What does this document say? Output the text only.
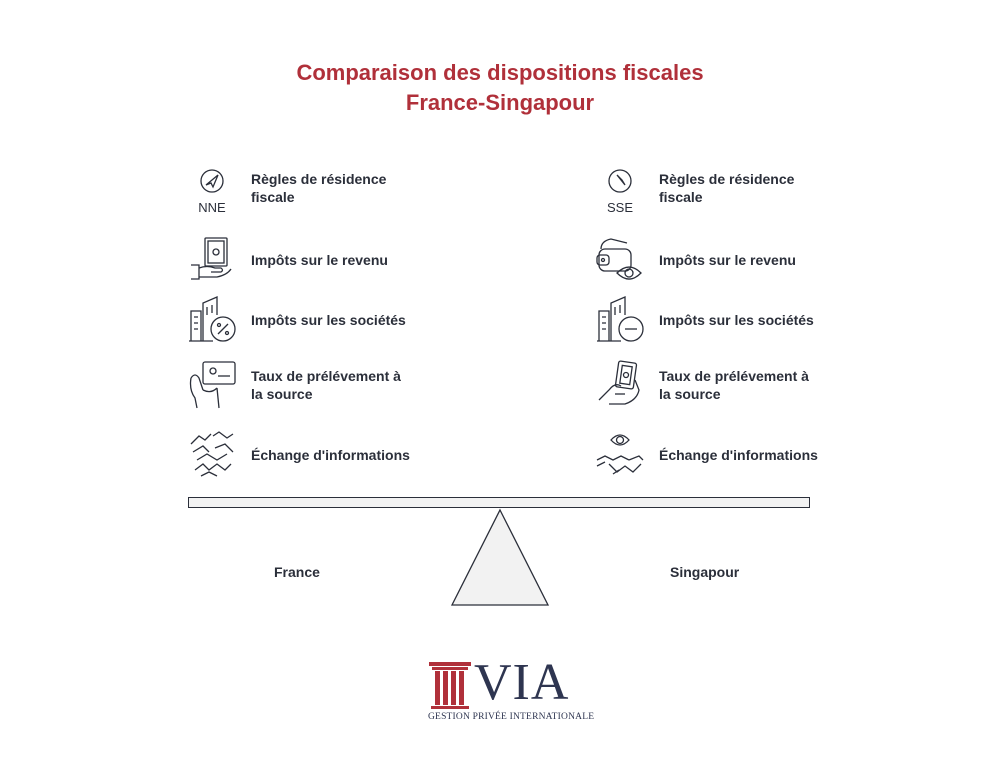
Comparaison des dispositions fiscales
France-Singapour
NNE
Règles de résidence fiscale
Impôts sur le revenu
Impôts sur les sociétés
Taux de prélévement à la source
Échange d'informations
SSE
Règles de résidence fiscale
Impôts sur le revenu
Impôts sur les sociétés
Taux de prélévement à la source
Échange d'informations
France	Singapour
VIA
GESTION PRIVÉE INTERNATIONALE
